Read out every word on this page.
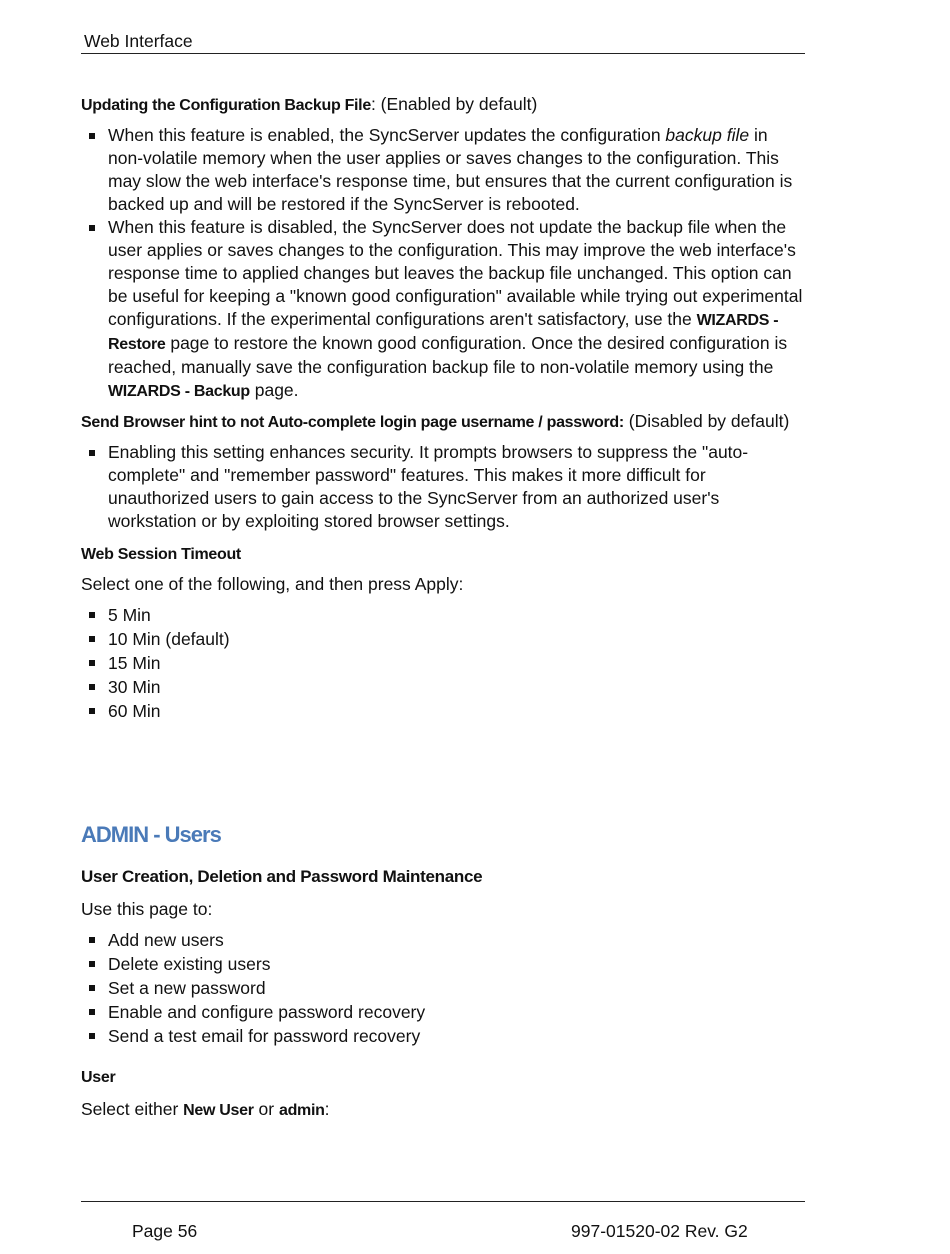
Web Interface
Updating the Configuration Backup File: (Enabled by default)
When this feature is enabled, the SyncServer updates the configuration backup file in non-volatile memory when the user applies or saves changes to the configuration. This may slow the web interface's response time, but ensures that the current configuration is backed up and will be restored if the SyncServer is rebooted.
When this feature is disabled, the SyncServer does not update the backup file when the user applies or saves changes to the configuration. This may improve the web interface's response time to applied changes but leaves the backup file unchanged. This option can be useful for keeping a "known good configuration" available while trying out experimental configurations. If the experimental configurations aren't satisfactory, use the WIZARDS - Restore page to restore the known good configuration. Once the desired configuration is reached, manually save the configuration backup file to non-volatile memory using the WIZARDS - Backup page.
Send Browser hint to not Auto-complete login page username / password: (Disabled by default)
Enabling this setting enhances security. It prompts browsers to suppress the "auto-complete" and "remember password" features. This makes it more difficult for unauthorized users to gain access to the SyncServer from an authorized user's workstation or by exploiting stored browser settings.
Web Session Timeout
Select one of the following, and then press Apply:
5 Min
10 Min (default)
15 Min
30 Min
60 Min
ADMIN - Users
User Creation, Deletion and Password Maintenance
Use this page to:
Add new users
Delete existing users
Set a new password
Enable and configure password recovery
Send a test email for password recovery
User
Select either New User or admin:
Page 56	997-01520-02 Rev. G2
